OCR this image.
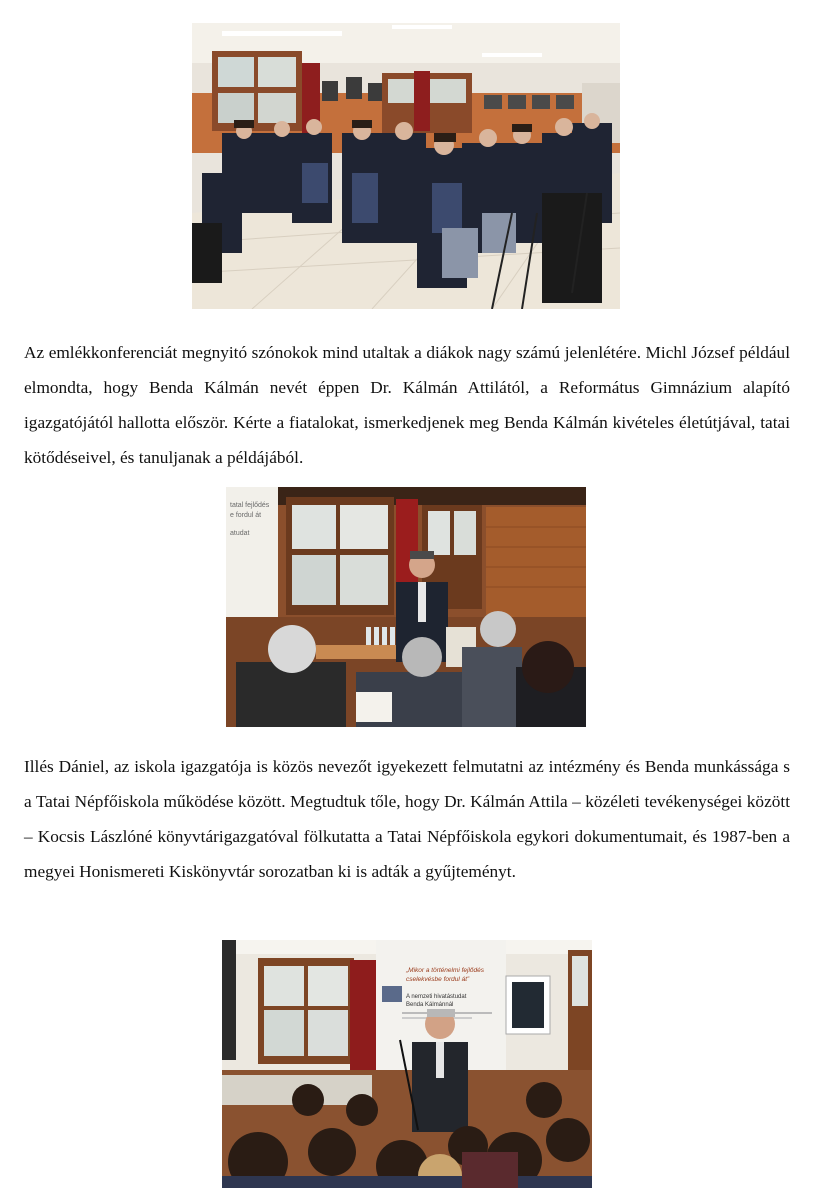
Az emlékkonferenciát megnyitó szónokok mind utaltak a diákok nagy számú jelenlétére. Michl József például elmondta, hogy Benda Kálmán nevét éppen Dr. Kálmán Attilától, a Református Gimnázium alapító igazgatójától hallotta először. Kérte a fiatalokat, ismerkedjenek meg Benda Kálmán kivételes életútjával, tatai kötődéseivel, és tanuljanak a példájából.

tatal fejlődés
e fordul át
atudat

Illés Dániel, az iskola igazgatója is közös nevezőt igyekezett felmutatni az intézmény és Benda munkássága s a Tatai Népfőiskola működése között. Megtudtuk tőle, hogy Dr. Kálmán Attila – közéleti tevékenységei között – Kocsis Lászlóné könyvtárigazgatóval fölkutatta a Tatai Népfőiskola egykori dokumentumait, és 1987-ben a megyei Honismereti Kiskönyvtár sorozatban ki is adták a gyűjteményt.

„Mikor a történelmi fejlődés
cselekvésbe fordul át”
A nemzeti hivatástudat
Benda Kálmánnál
